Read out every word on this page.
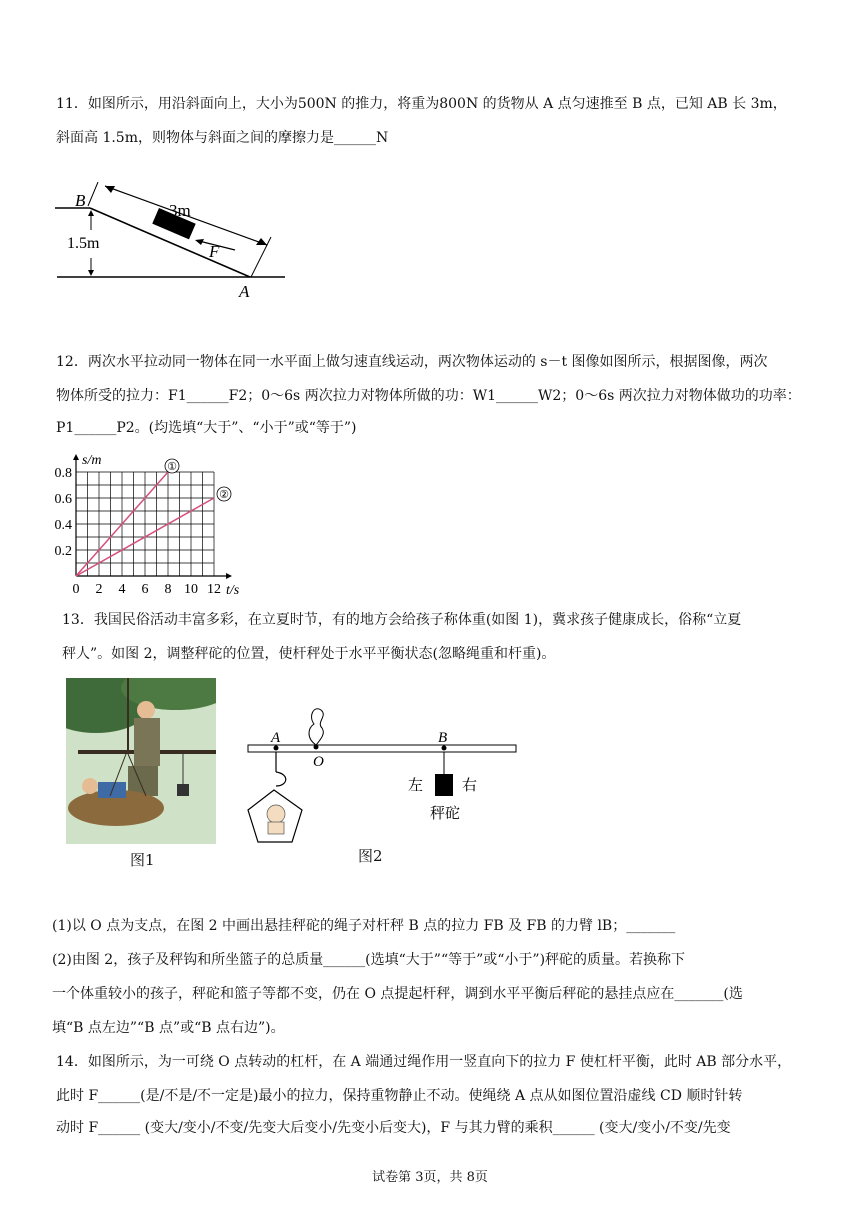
11．如图所示，用沿斜面向上，大小为500N 的推力，将重为800N 的货物从 A 点匀速推至 B 点，已知 AB 长 3m，
斜面高 1.5m，则物体与斜面之间的摩擦力是______N
B
3m
1.5m	F
A
12．两次水平拉动同一物体在同一水平面上做匀速直线运动，两次物体运动的 s－t 图像如图所示，根据图像，两次
物体所受的拉力：F1______F2；0～6s 两次拉力对物体所做的功：W1______W2；0～6s 两次拉力对物体做功的功率：
P1______P2。(均选填“大于”、“小于”或“等于”)
①
②
0 2 4 6 8 10 12
0.2
0.4
0.6
0.8
s/m
t/s
13．我国民俗活动丰富多彩，在立夏时节，有的地方会给孩子称体重(如图 1)，冀求孩子健康成长，俗称“立夏
秤人”。如图 2，调整秤砣的位置，使杆秤处于水平平衡状态(忽略绳重和杆重)。
图1
A
O
B
左	右
秤砣
图2
(1)以 O 点为支点，在图 2 中画出悬挂秤砣的绳子对杆秤 B 点的拉力 FB 及 FB 的力臂 lB；_______
(2)由图 2，孩子及秤钩和所坐篮子的总质量______(选填“大于”“等于”或“小于”)秤砣的质量。若换称下
一个体重较小的孩子，秤砣和篮子等都不变，仍在 O 点提起杆秤，调到水平平衡后秤砣的悬挂点应在_______(选
填“B 点左边”“B 点”或“B 点右边”)。
14．如图所示，为一可绕 O 点转动的杠杆，在 A 端通过绳作用一竖直向下的拉力 F 使杠杆平衡，此时 AB 部分水平，
此时 F______(是/不是/不一定是)最小的拉力，保持重物静止不动。使绳绕 A 点从如图位置沿虚线 CD 顺时针转
动时 F______ (变大/变小/不变/先变大后变小/先变小后变大)，F 与其力臂的乘积______ (变大/变小/不变/先变
试卷第 3页，共 8页
